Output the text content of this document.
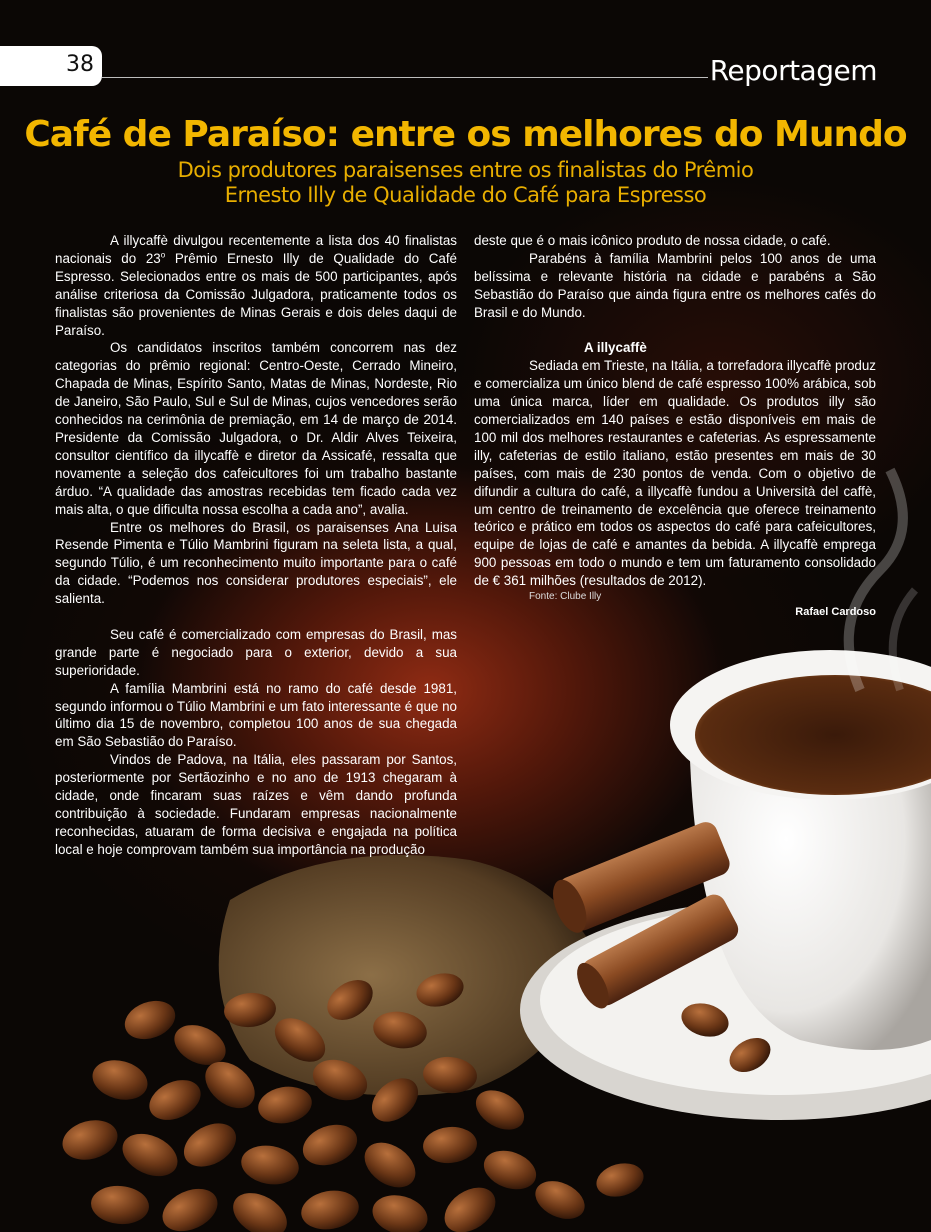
38	Reportagem
Café de Paraíso: entre os melhores do Mundo
Dois produtores paraisenses entre os finalistas do Prêmio
Ernesto Illy de Qualidade do Café para Espresso

A illycaffè divulgou recentemente a lista dos 40 finalistas nacionais do 23$^o$ Prêmio Ernesto Illy de Qualidade do Café Espresso. Selecionados entre os mais de 500 participantes, após análise criteriosa da Comissão Julgadora, praticamente todos os finalistas são provenientes de Minas Gerais e dois deles daqui de Paraíso.

Os candidatos inscritos também concorrem nas dez categorias do prêmio regional: Centro-Oeste, Cerrado Mineiro, Chapada de Minas, Espírito Santo, Matas de Minas, Nordeste, Rio de Janeiro, São Paulo, Sul e Sul de Minas, cujos vencedores serão conhecidos na cerimônia de premiação, em 14 de março de 2014. Presidente da Comissão Julgadora, o Dr. Aldir Alves Teixeira, consultor científico da illycaffè e diretor da Assicafé, ressalta que novamente a seleção dos cafeicultores foi um trabalho bastante árduo. “A qualidade das amostras recebidas tem ficado cada vez mais alta, o que dificulta nossa escolha a cada ano”, avalia.

Entre os melhores do Brasil, os paraisenses Ana Luisa Resende Pimenta e Túlio Mambrini figuram na seleta lista, a qual, segundo Túlio, é um reconhecimento muito importante para o café da cidade. “Podemos nos considerar produtores especiais”, ele salienta.

Seu café é comercializado com empresas do Brasil, mas grande parte é negociado para o exterior, devido a sua superioridade.

A família Mambrini está no ramo do café desde 1981, segundo informou o Túlio Mambrini e um fato interessante é que no último dia 15 de novembro, completou 100 anos de sua chegada em São Sebastião do Paraíso.

Vindos de Padova, na Itália, eles passaram por Santos, posteriormente por Sertãozinho e no ano de 1913 chegaram à cidade, onde fincaram suas raízes e vêm dando profunda contribuição à sociedade. Fundaram empresas nacionalmente reconhecidas, atuaram de forma decisiva e engajada na política local e hoje comprovam também sua importância na produção

deste que é o mais icônico produto de nossa cidade, o café.

Parabéns à família Mambrini pelos 100 anos de uma belíssima e relevante história na cidade e parabéns a São Sebastião do Paraíso que ainda figura entre os melhores cafés do Brasil e do Mundo.

A illycaffè

Sediada em Trieste, na Itália, a torrefadora illycaffè produz e comercializa um único blend de café espresso 100% arábica, sob uma única marca, líder em qualidade. Os produtos illy são comercializados em 140 países e estão disponíveis em mais de 100 mil dos melhores restaurantes e cafeterias. As espressamente illy, cafeterias de estilo italiano, estão presentes em mais de 30 países, com mais de 230 pontos de venda. Com o objetivo de difundir a cultura do café, a illycaffè fundou a Università del caffè, um centro de treinamento de excelência que oferece treinamento teórico e prático em todos os aspectos do café para cafeicultores, equipe de lojas de café e amantes da bebida. A illycaffè emprega 900 pessoas em todo o mundo e tem um faturamento consolidado de € 361 milhões (resultados de 2012).

Fonte: Clube Illy

Rafael Cardoso
